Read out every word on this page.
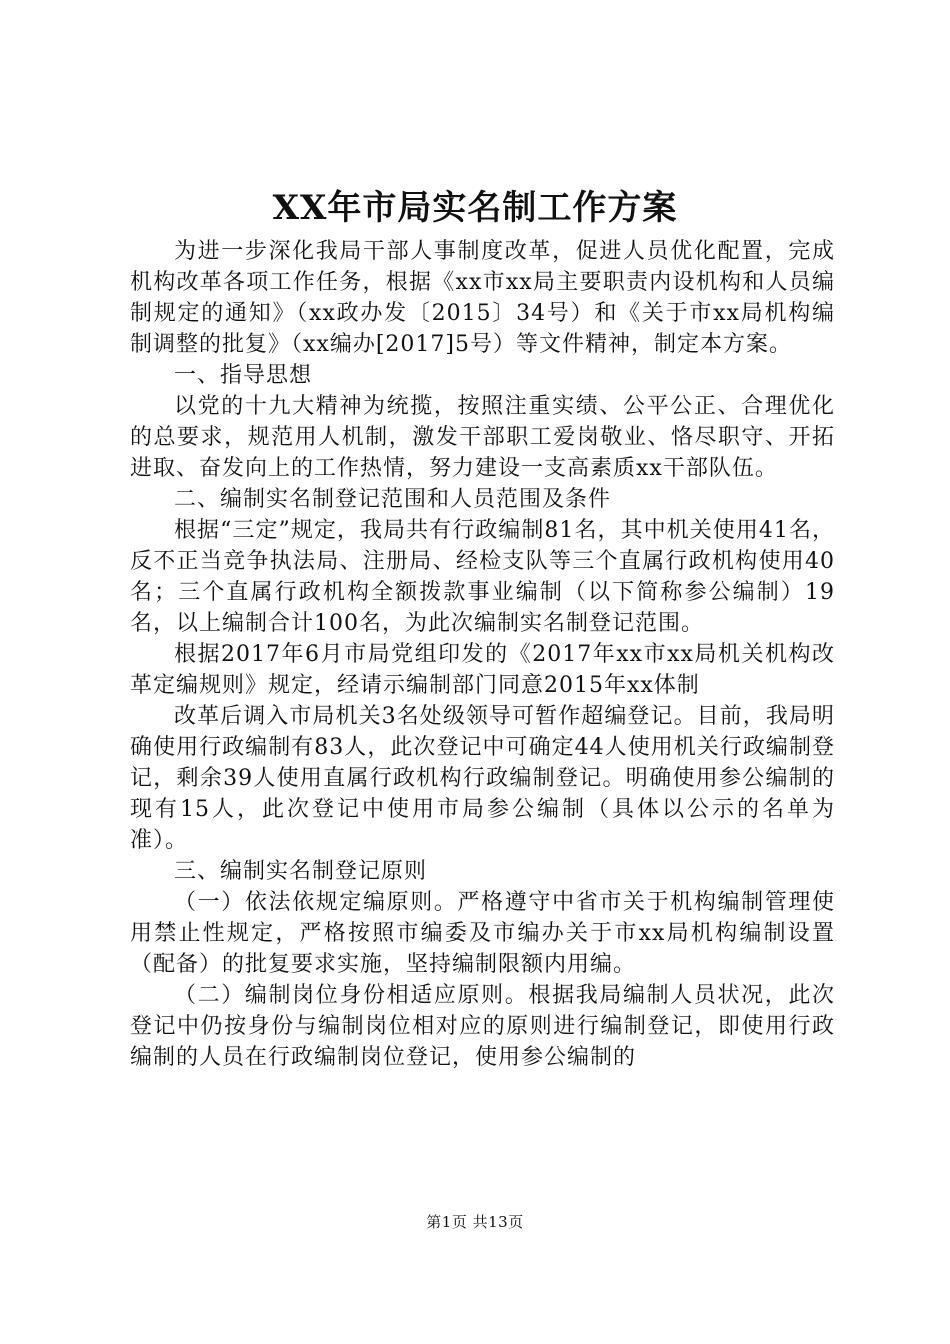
XX年市局实名制工作方案

为进一步深化我局干部人事制度改革，促进人员优化配置，完成机构改革各项工作任务，根据《xx市xx局主要职责内设机构和人员编制规定的通知》（xx政办发〔2015〕34号）和《关于市xx局机构编制调整的批复》（xx编办[2017]5号）等文件精神，制定本方案。

一、指导思想

以党的十九大精神为统揽，按照注重实绩、公平公正、合理优化的总要求，规范用人机制，激发干部职工爱岗敬业、恪尽职守、开拓进取、奋发向上的工作热情，努力建设一支高素质xx干部队伍。

二、编制实名制登记范围和人员范围及条件

根据“三定”规定，我局共有行政编制81名，其中机关使用41名，反不正当竞争执法局、注册局、经检支队等三个直属行政机构使用40名；三个直属行政机构全额拨款事业编制（以下简称参公编制）19名，以上编制合计100名，为此次编制实名制登记范围。

根据2017年6月市局党组印发的《2017年xx市xx局机关机构改革定编规则》规定，经请示编制部门同意2015年xx体制

改革后调入市局机关3名处级领导可暂作超编登记。目前，我局明确使用行政编制有83人，此次登记中可确定44人使用机关行政编制登记，剩余39人使用直属行政机构行政编制登记。明确使用参公编制的现有15人，此次登记中使用市局参公编制（具体以公示的名单为准）。

三、编制实名制登记原则

（一）依法依规定编原则。严格遵守中省市关于机构编制管理使用禁止性规定，严格按照市编委及市编办关于市xx局机构编制设置（配备）的批复要求实施，坚持编制限额内用编。

（二）编制岗位身份相适应原则。根据我局编制人员状况，此次登记中仍按身份与编制岗位相对应的原则进行编制登记，即使用行政编制的人员在行政编制岗位登记，使用参公编制的

第1页 共13页
